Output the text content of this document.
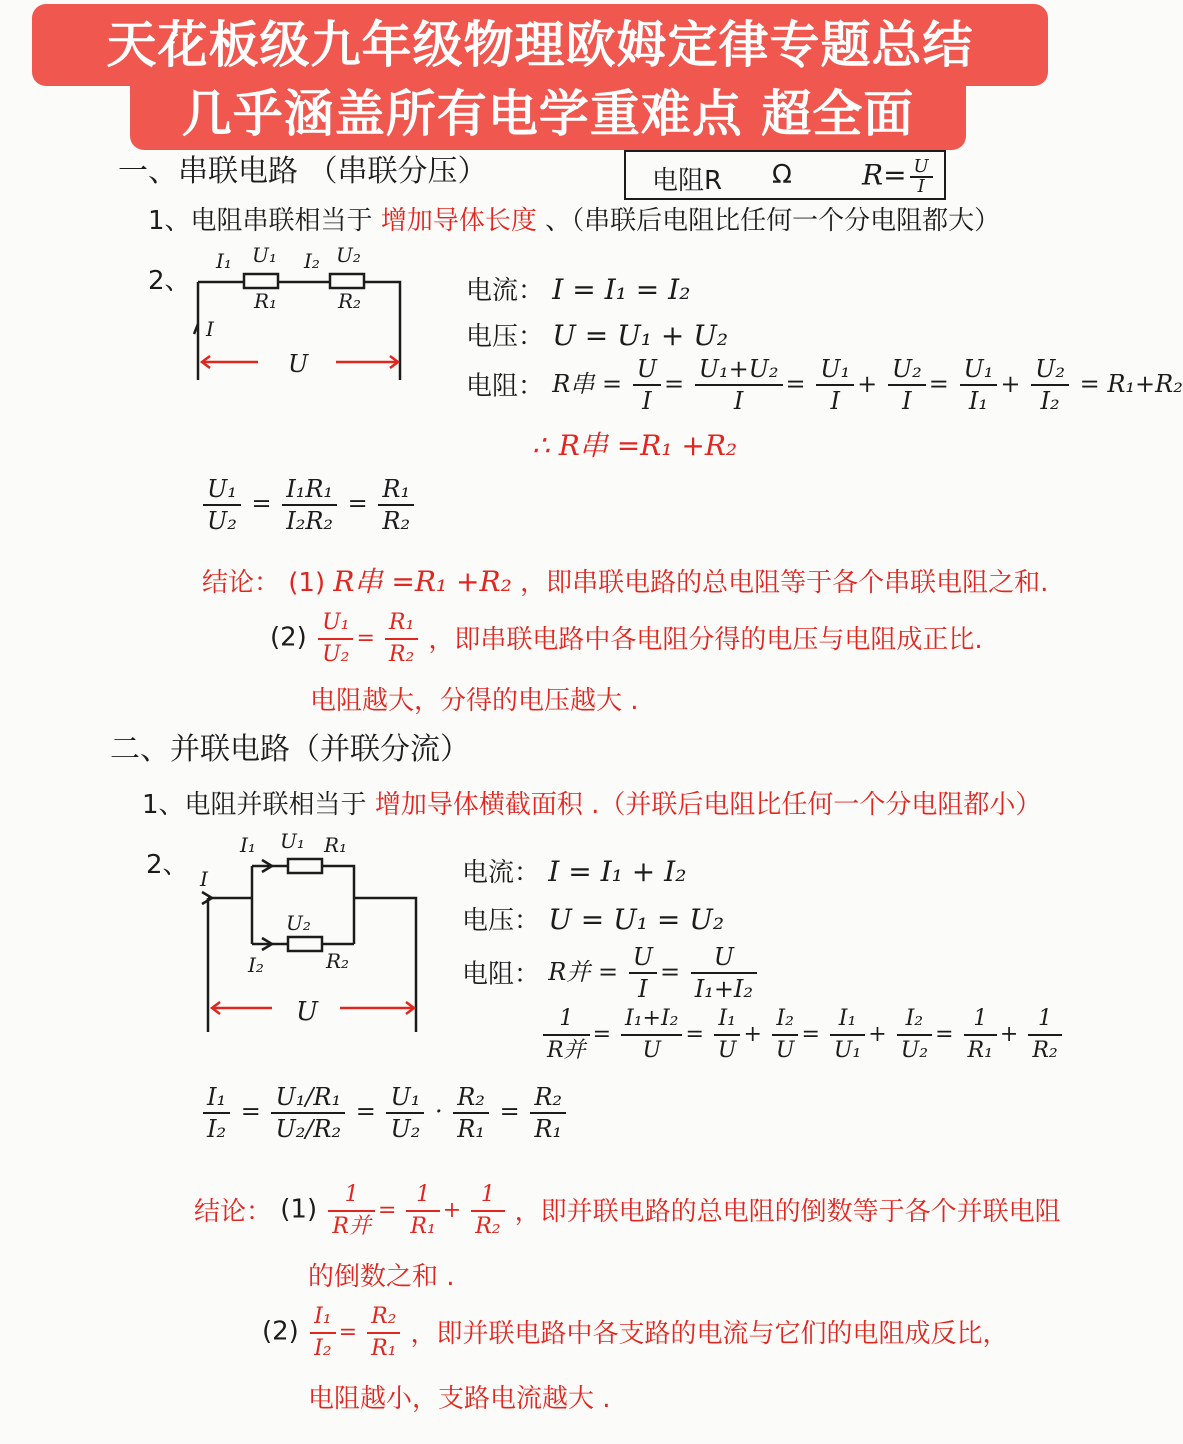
天花板级九年级物理欧姆定律专题总结
几乎涵盖所有电学重难点 超全面
电阻R Ω	$R= \frac{U}{I}$
一、串联电路 （串联分压）
1、电阻串联相当于 增加导体长度 、（串联后电阻比任何一个分电阻都大）
2、
I₁ U₁ I₂ U₂
R₁	R₂
I
U
电流： I = I₁ = I₂
电压： U = U₁ + U₂
电阻： R串 = $\frac{U}{I} = \frac{\text{U₁+U₂}}{I} = \frac{\text{U₁}}{I} + \frac{\text{U₂}}{I} = \frac{\text{U₁}}{\text{I₁}} + \frac{\text{U₂}}{\text{I₂}} = R_1+R_2$
∴ R串 =R₁ +R₂
$\frac{\text{U₁}}{\text{U₂}} = \frac{\text{I₁R₁}}{\text{I₂R₂}} = \frac{\text{R₁}}{\text{R₂}}$
结论： (1) R串 =R₁ +R₂ ，即串联电路的总电阻等于各个串联电阻之和.
$(2) \frac{\text{U₁}}{\text{U₂}} = \frac{\text{R₁}}{\text{R₂}}$ ，即串联电路中各电阻分得的电压与电阻成正比.
电阻越大，分得的电压越大 .
二、并联电路（并联分流）
1、电阻并联相当于 增加导体横截面积 .（并联后电阻比任何一个分电阻都小）
2、 I
I₁ U₁ R₁
U₂
I₂	R₂
U
电流： I = I₁ + I₂
电压： U = U₁ = U₂
电阻： R并 = $\frac{U}{I} = \frac{U}{\text{I₁+I₂}}$
$\frac{1}{\text{R并}} = \frac{\text{I₁+I₂}}{U} = \frac{\text{I₁}}{U} + \frac{\text{I₂}}{U} = \frac{\text{I₁}}{\text{U₁}} + \frac{\text{I₂}}{\text{U₂}} = \frac{1}{\text{R₁}} + \frac{1}{\text{R₂}}$
$\frac{\text{I₁}}{\text{I₂}} = \frac{\text{U₁/R₁}}{\text{U₂/R₂}} = \frac{\text{U₁}}{\text{U₂}} \cdot \frac{\text{R₂}}{\text{R₁}} = \frac{\text{R₂}}{\text{R₁}}$
结论： $(1) \frac{1}{\text{R并}} = \frac{1}{\text{R₁}} + \frac{1}{\text{R₂}}$ ，即并联电路的总电阻的倒数等于各个并联电阻
的倒数之和 .
$(2) \frac{\text{I₁}}{\text{I₂}} = \frac{\text{R₂}}{\text{R₁}}$ ，即并联电路中各支路的电流与它们的电阻成反比，
电阻越小，支路电流越大 .
